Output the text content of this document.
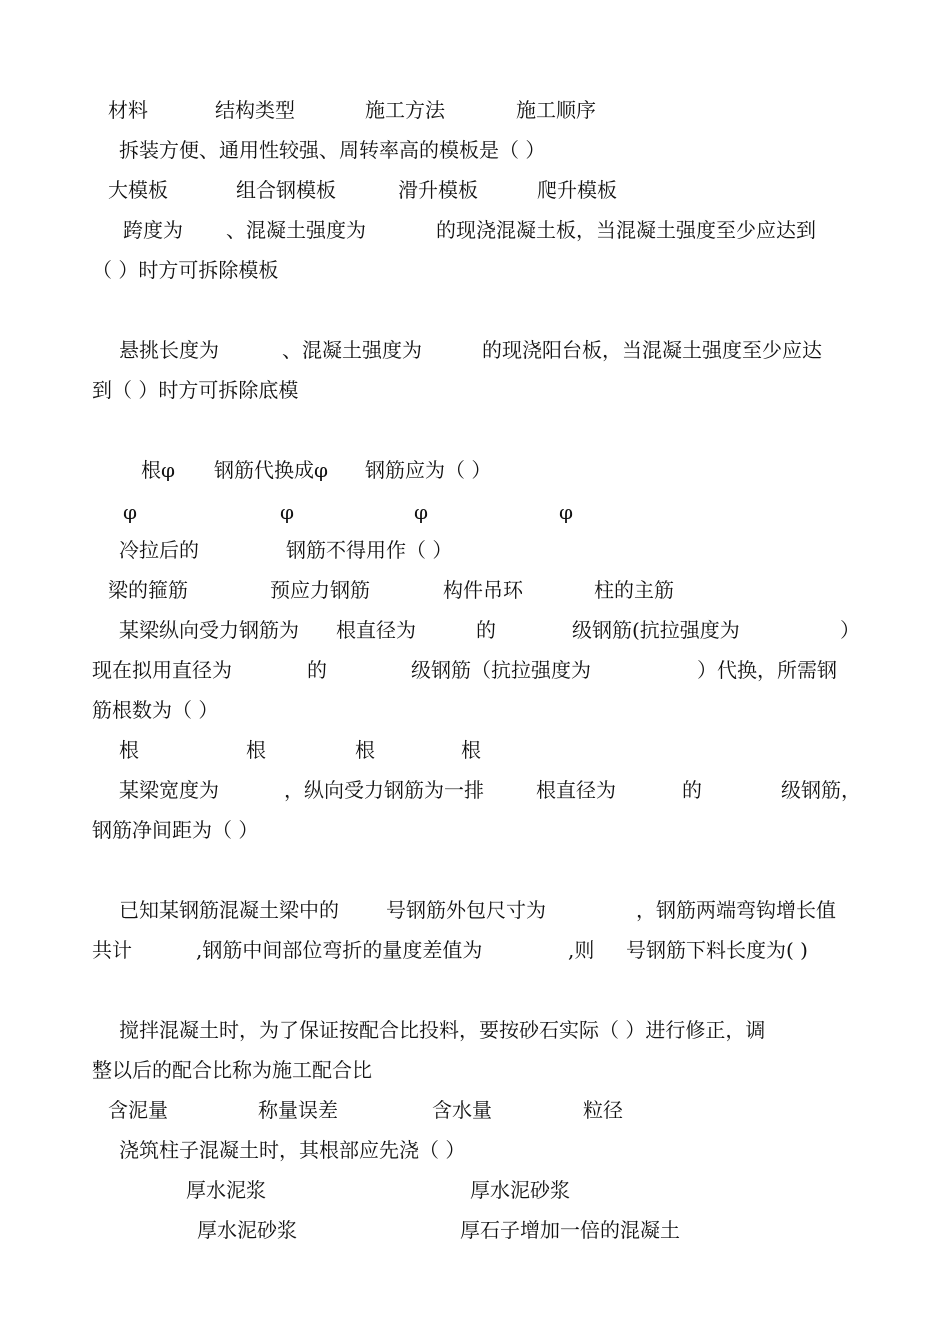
材料	结构类型	施工方法	施工顺序
拆装方便、通用性较强、周转率高的模板是（ ）
大模板	组合钢模板	滑升模板	爬升模板
跨度为 、混凝土强度为	的现浇混凝土板，当混凝土强度至少应达到
（ ）时方可拆除模板
悬挑长度为	、混凝土强度为	的现浇阳台板，当混凝土强度至少应达
到（ ）时方可拆除底模
根φ 钢筋代换成φ 钢筋应为（ ）
φ	φ	φ	φ
冷拉后的	钢筋不得用作（ ）
梁的箍筋	预应力钢筋	构件吊环	柱的主筋
某梁纵向受力钢筋为 根直径为	的	级钢筋(抗拉强度为	）
现在拟用直径为	的	级钢筋（抗拉强度为	）代换，所需钢
筋根数为（ ）
根	根	根	根
某梁宽度为	，纵向受力钢筋为一排	根直径为	的	级钢筋，
钢筋净间距为（ ）
已知某钢筋混凝土梁中的 号钢筋外包尺寸为	，钢筋两端弯钩增长值
共计	,钢筋中间部位弯折的量度差值为	,则 号钢筋下料长度为( )
搅拌混凝土时，为了保证按配合比投料，要按砂石实际（ ）进行修正，调
整以后的配合比称为施工配合比
含泥量	称量误差	含水量	粒径
浇筑柱子混凝土时，其根部应先浇（ ）
厚水泥浆	厚水泥砂浆
厚水泥砂浆	厚石子增加一倍的混凝土
